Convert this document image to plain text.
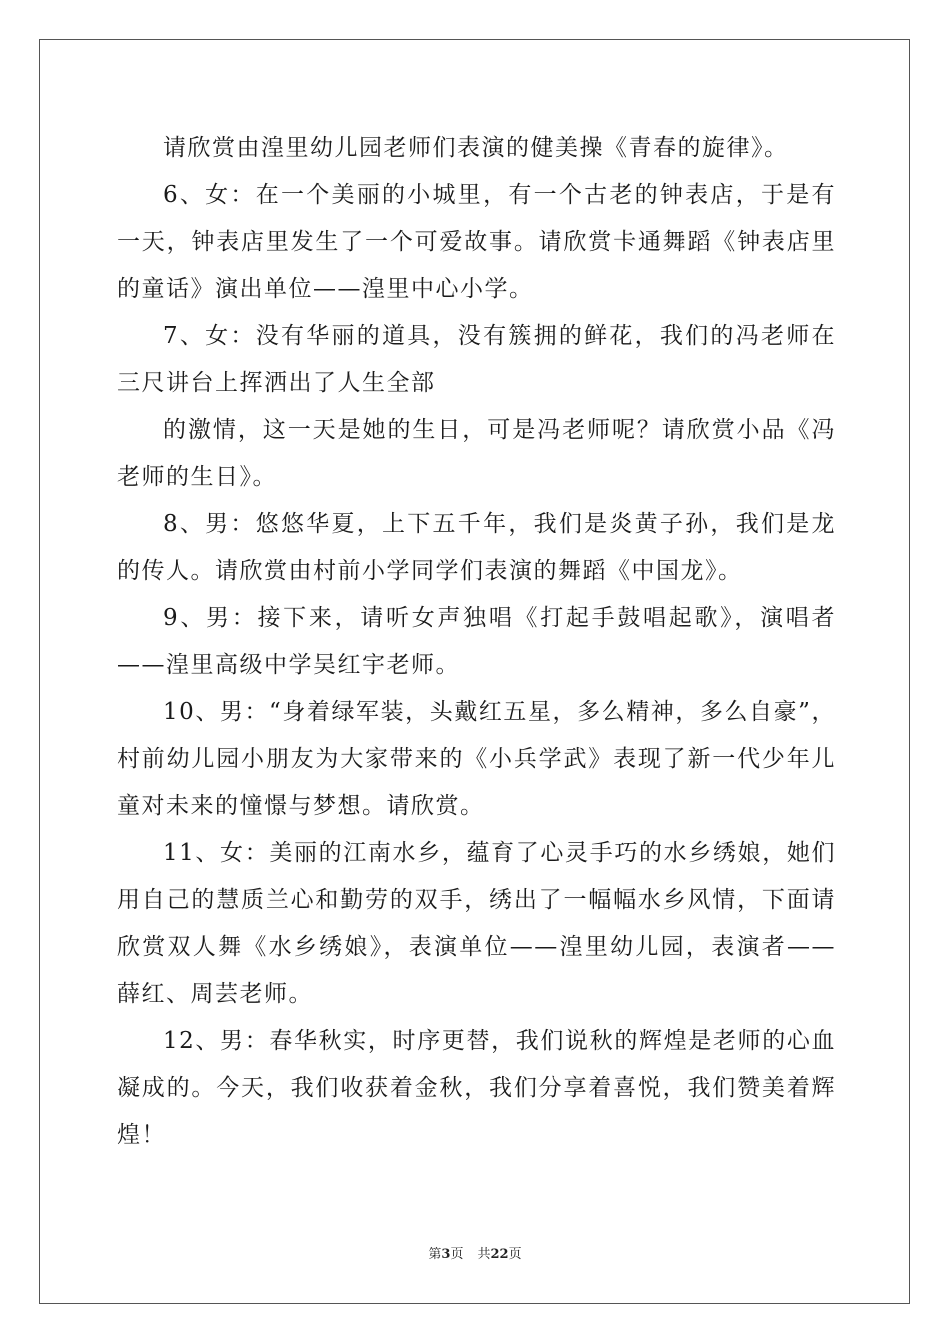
请欣赏由湟里幼儿园老师们表演的健美操《青春的旋律》。

6、女：在一个美丽的小城里，有一个古老的钟表店，于是有一天，钟表店里发生了一个可爱故事。请欣赏卡通舞蹈《钟表店里的童话》演出单位——湟里中心小学。

7、女：没有华丽的道具，没有簇拥的鲜花，我们的冯老师在三尺讲台上挥洒出了人生全部

的激情，这一天是她的生日，可是冯老师呢？请欣赏小品《冯老师的生日》。

8、男：悠悠华夏，上下五千年，我们是炎黄子孙，我们是龙的传人。请欣赏由村前小学同学们表演的舞蹈《中国龙》。

9、男：接下来，请听女声独唱《打起手鼓唱起歌》，演唱者——湟里高级中学吴红宇老师。

10、男：“身着绿军装，头戴红五星，多么精神，多么自豪”，村前幼儿园小朋友为大家带来的《小兵学武》表现了新一代少年儿童对未来的憧憬与梦想。请欣赏。

11、女：美丽的江南水乡，蕴育了心灵手巧的水乡绣娘，她们用自己的慧质兰心和勤劳的双手，绣出了一幅幅水乡风情，下面请欣赏双人舞《水乡绣娘》，表演单位——湟里幼儿园，表演者——薛红、周芸老师。

12、男：春华秋实，时序更替，我们说秋的辉煌是老师的心血凝成的。今天，我们收获着金秋，我们分享着喜悦，我们赞美着辉煌！

第3页 共22页
